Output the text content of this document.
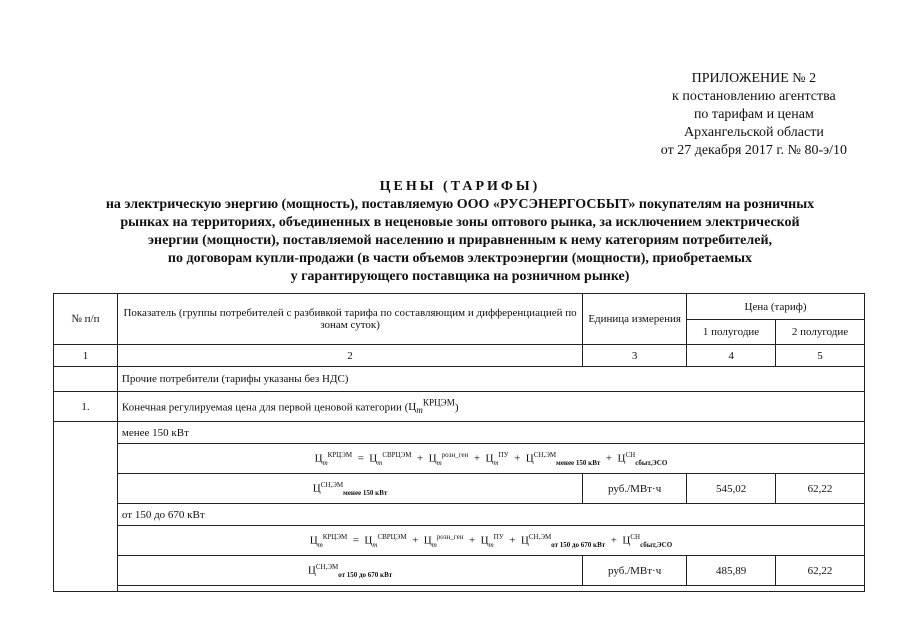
ПРИЛОЖЕНИЕ № 2
к постановлению агентства
по тарифам и ценам
Архангельской области
от 27 декабря 2017 г. № 80-э/10
ЦЕНЫ (ТАРИФЫ)
на электрическую энергию (мощность), поставляемую ООО «РУСЭНЕРГОСБЫТ» покупателям на розничных
рынках на территориях, объединенных в неценовые зоны оптового рынка, за исключением электрической
энергии (мощности), поставляемой населению и приравненным к нему категориям потребителей,
по договорам купли-продажи (в части объемов электроэнергии (мощности), приобретаемых
у гарантирующего поставщика на розничном рынке)
№ п/п	Показатель (группы потребителей с разбивкой тарифа по составляющим и дифференциацией по зонам суток)	Единица измерения	Цена (тариф)	
			1 полугодие	2 полугодие
1	2	3	4	5
	Прочие потребители (тарифы указаны без НДС)			
1.	Конечная регулируемая цена для первой ценовой категории $(Ц_m^{КРЦЭМ})$			
	менее 150 кВт			
	$Ц_m^{КРЦЭМ} = Ц_m^{СВРЦЭМ} + Ц_m^{розн\_ген} + Ц_m^{ПУ} + Ц^{СН,ЭМ}_{менее 150 кВт} + Ц^{СН}_{сбыт,ЭСО}$
	$Ц^{СН,ЭМ}_{менее 150 кВт}$	руб./МВт·ч	545,02	62,22
	от 150 до 670 кВт			
	$Ц_m^{КРЦЭМ} = Ц_m^{СВРЦЭМ} + Ц_m^{розн\_ген} + Ц_m^{ПУ} + Ц^{СН,ЭМ}_{от 150 до 670 кВт} + Ц^{СН}_{сбыт,ЭСО}$
	$Ц^{СН,ЭМ}_{от 150 до 670 кВт}$	руб./МВт·ч	485,89	62,22
